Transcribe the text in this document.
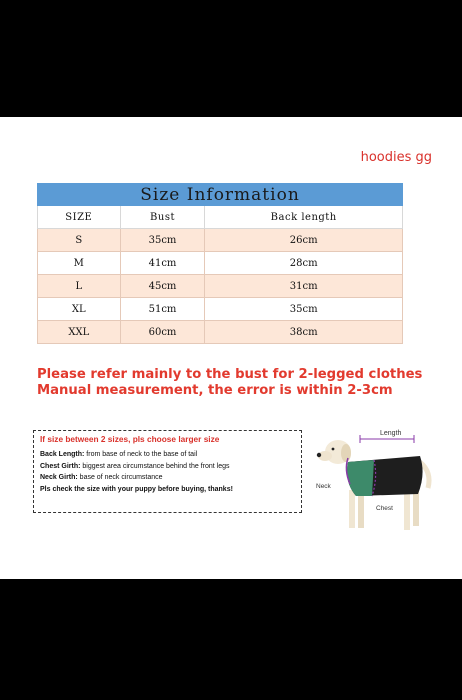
hoodies gg
Size Information		
SIZE	Bust	Back length
S	35cm	26cm
M	41cm	28cm
L	45cm	31cm
XL	51cm	35cm
XXL	60cm	38cm
Please refer mainly to the bust for 2-legged clothes
Manual measurement, the error is within 2-3cm
If size between 2 sizes, pls choose larger size
Back Length: from base of neck to the base of tail
Chest Girth: biggest area circumstance behind the front legs
Neck Girth: base of neck circumstance
Pls check the size with your puppy before buying, thanks!
Length
Neck
Chest
